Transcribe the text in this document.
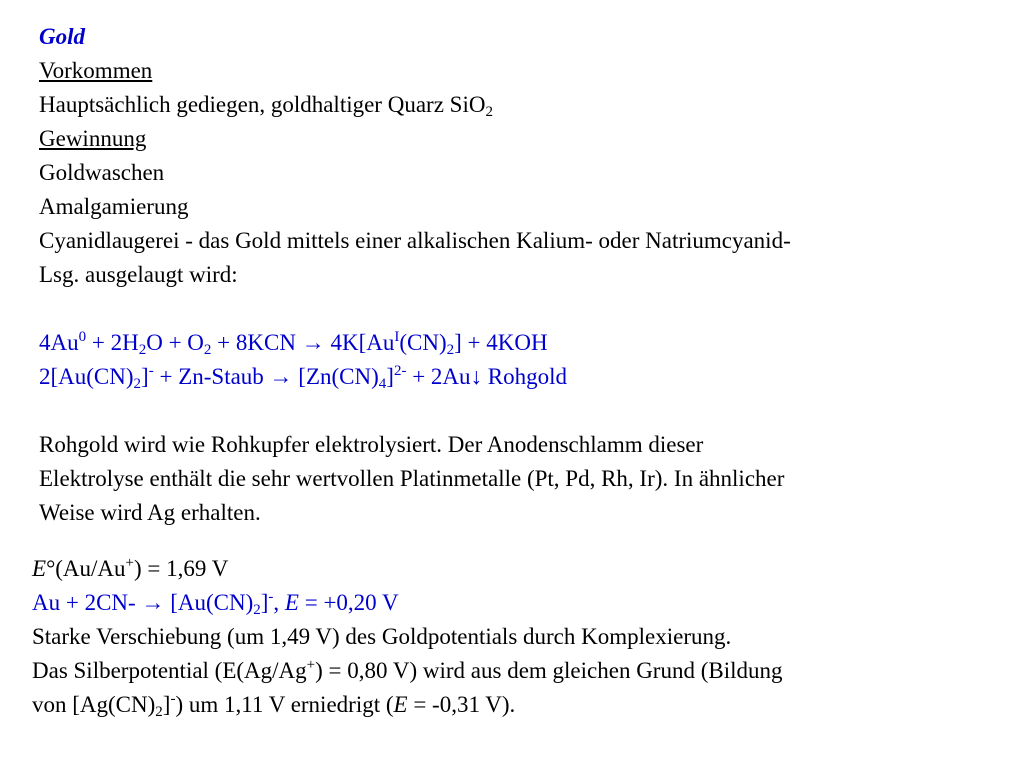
Gold
Vorkommen
Hauptsächlich gediegen, goldhaltiger Quarz SiO$_2$
Gewinnung
Goldwaschen
Amalgamierung
Cyanidlaugerei - das Gold mittels einer alkalischen Kalium- oder Natriumcyanid-
Lsg. ausgelaugt wird:
$4Au^0 + 2H_2O + O_2 + 8KCN \to 4K[Au^I(CN)_2] + 4KOH$
$2[Au(CN)_2]^-$ + Zn-Staub → $[Zn(CN)_4]^{2-}$ + 2Au↓ Rohgold
Rohgold wird wie Rohkupfer elektrolysiert. Der Anodenschlamm dieser
Elektrolyse enthält die sehr wertvollen Platinmetalle (Pt, Pd, Rh, Ir). In ähnlicher
Weise wird Ag erhalten.
E°(Au/Au+) = 1,69 V
$Au + 2CN- \to [Au(CN)_2]^-$, E = +0,20 V
Starke Verschiebung (um 1,49 V) des Goldpotentials durch Komplexierung.
Das Silberpotential (E(Ag/Ag+) = 0,80 V) wird aus dem gleichen Grund (Bildung
von $[Ag(CN)_2]^-$) um 1,11 V erniedrigt (E = -0,31 V).
